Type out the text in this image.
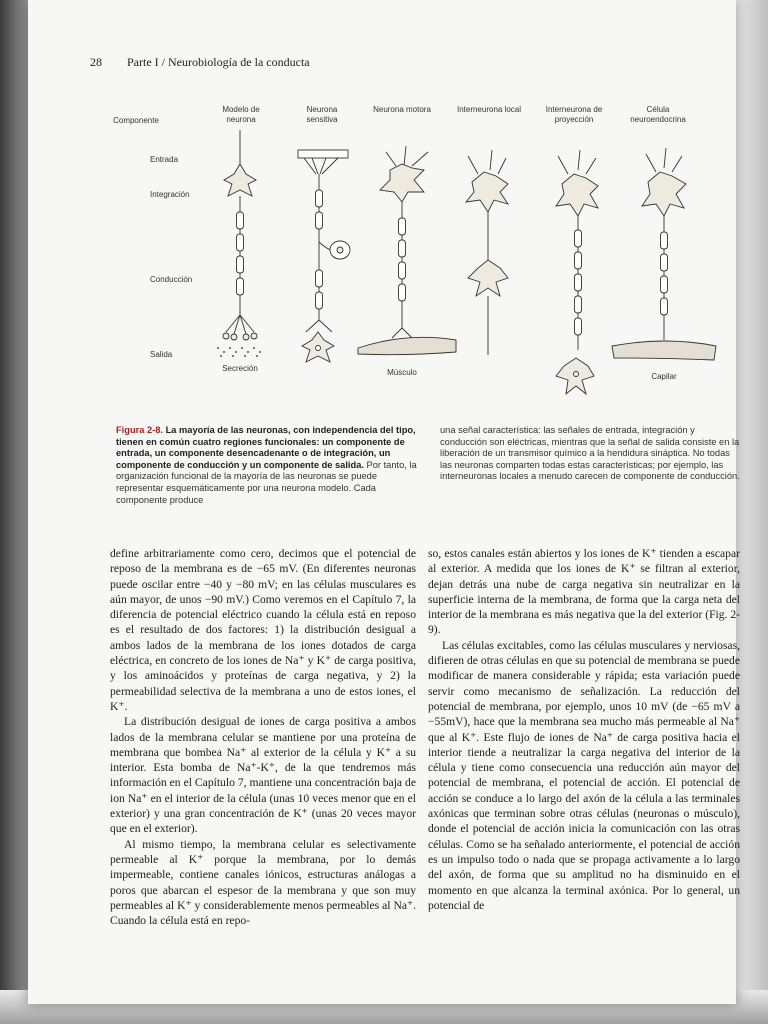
28 Parte I / Neurobiología de la conducta
Componente
Modelo de neurona
Neurona sensitiva
Neurona motora	Interneurona local	Interneurona de proyección
Célula neuroendocrina
Entrada
Integración
Conducción
Salida
Secreción	Músculo	Capilar
Figura 2-8. La mayoría de las neuronas, con independencia del tipo, tienen en común cuatro regiones funcionales: un componente de entrada, un componente desencadenante o de integración, un componente de conducción y un componente de salida. Por tanto, la organización funcional de la mayoría de las neuronas se puede representar esquemáticamente por una neurona modelo. Cada componente produce
una señal característica: las señales de entrada, integración y conducción son eléctricas, mientras que la señal de salida consiste en la liberación de un transmisor químico a la hendidura sináptica. No todas las neuronas comparten todas estas características; por ejemplo, las interneuronas locales a menudo carecen de componente de conducción.

define arbitrariamente como cero, decimos que el potencial de reposo de la membrana es de −65 mV. (En diferentes neuronas puede oscilar entre −40 y −80 mV; en las células musculares es aún mayor, de unos −90 mV.) Como veremos en el Capítulo 7, la diferencia de potencial eléctrico cuando la célula está en reposo es el resultado de dos factores: 1) la distribución desigual a ambos lados de la membrana de los iones dotados de carga eléctrica, en concreto de los iones de Na⁺ y K⁺ de carga positiva, y los aminoácidos y proteínas de carga negativa, y 2) la permeabilidad selectiva de la membrana a uno de estos iones, el K⁺.

La distribución desigual de iones de carga positiva a ambos lados de la membrana celular se mantiene por una proteína de membrana que bombea Na⁺ al exterior de la célula y K⁺ a su interior. Esta bomba de Na⁺-K⁺, de la que tendremos más información en el Capítulo 7, mantiene una concentración baja de ion Na⁺ en el interior de la célula (unas 10 veces menor que en el exterior) y una gran concentración de K⁺ (unas 20 veces mayor que en el exterior).

Al mismo tiempo, la membrana celular es selectivamente permeable al K⁺ porque la membrana, por lo demás impermeable, contiene canales iónicos, estructuras análogas a poros que abarcan el espesor de la membrana y que son muy permeables al K⁺ y considerablemente menos permeables al Na⁺. Cuando la célula está en repo-

so, estos canales están abiertos y los iones de K⁺ tienden a escapar al exterior. A medida que los iones de K⁺ se filtran al exterior, dejan detrás una nube de carga negativa sin neutralizar en la superficie interna de la membrana, de forma que la carga neta del interior de la membrana es más negativa que la del exterior (Fig. 2-9).

Las células excitables, como las células musculares y nerviosas, difieren de otras células en que su potencial de membrana se puede modificar de manera considerable y rápida; esta variación puede servir como mecanismo de señalización. La reducción del potencial de membrana, por ejemplo, unos 10 mV (de −65 mV a −55mV), hace que la membrana sea mucho más permeable al Na⁺ que al K⁺. Este flujo de iones de Na⁺ de carga positiva hacia el interior tiende a neutralizar la carga negativa del interior de la célula y tiene como consecuencia una reducción aún mayor del potencial de membrana, el potencial de acción. El potencial de acción se conduce a lo largo del axón de la célula a las terminales axónicas que terminan sobre otras células (neuronas o músculo), donde el potencial de acción inicia la comunicación con las otras células. Como se ha señalado anteriormente, el potencial de acción es un impulso todo o nada que se propaga activamente a lo largo del axón, de forma que su amplitud no ha disminuido en el momento en que alcanza la terminal axónica. Por lo general, un potencial de
